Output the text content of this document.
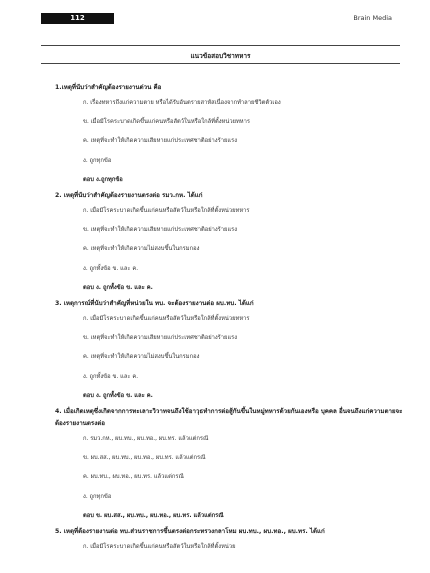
112	Brain Media
แนวข้อสอบวิชาทหาร

1.เหตุที่นับว่าสำคัญต้องรายงานด่วน คือ

ก. เรื่องทหารถึงแก่ความตาย หรือได้รับอันตรายสาหัสเนื่องจากทำลายชีวิตตัวเอง

ข. เมื่อมีโรคระบาดเกิดขึ้นแก่คนหรือสัตว์ในหรือใกล้ที่ตั้งหน่วยทหาร

ค. เหตุที่จะทำให้เกิดความเสียหายแก่ประเทศชาติอย่างร้ายแรง

ง. ถูกทุกข้อ

ตอบ ง.ถูกทุกข้อ

2. เหตุที่นับว่าสำคัญต้องรายงานตรงต่อ รมว.กห. ได้แก่

ก. เมื่อมีโรคระบาดเกิดขึ้นแก่คนหรือสัตว์ในหรือใกล้ที่ตั้งหน่วยทหาร

ข. เหตุที่จะทำให้เกิดความเสียหายแก่ประเทศชาติอย่างร้ายแรง

ค. เหตุที่จะทำให้เกิดความไม่สงบขึ้นในกรมกอง

ง. ถูกทั้งข้อ ข. และ ค.

ตอบ ง. ถูกทั้งข้อ ข. และ ค.

3. เหตุการณ์ที่นับว่าสำคัญที่หน่วยใน ทบ. จะต้องรายงานต่อ ผบ.ทบ. ได้แก่

ก. เมื่อมีโรคระบาดเกิดขึ้นแก่คนหรือสัตว์ในหรือใกล้ที่ตั้งหน่วยทหาร

ข. เหตุที่จะทำให้เกิดความเสียหายแก่ประเทศชาติอย่างร้ายแรง

ค. เหตุที่จะทำให้เกิดความไม่สงบขึ้นในกรมกอง

ง. ถูกทั้งข้อ ข. และ ค.

ตอบ ง. ถูกทั้งข้อ ข. และ ค.

4. เมื่อเกิดเหตุซึ่งเกิดจากการทะเลาะวิวาทจนถึงใช้อาวุธทำการต่อสู้กันขึ้นในหมู่ทหารด้วยกันเองหรือ บุคคล อื่นจนถึงแก่ความตายจะต้องรายงานตรงต่อ

ก. รมว.กห., ผบ.ทบ., ผบ.ทอ., ผบ.ทร. แล้วแต่กรณี

ข. ผบ.สส., ผบ.ทบ., ผบ.ทอ., ผบ.ทร. แล้วแต่กรณี

ค. ผบ.ทบ., ผบ.ทอ., ผบ.ทร. แล้วแต่กรณี

ง. ถูกทุกข้อ

ตอบ ข. ผบ.สส., ผบ.ทบ., ผบ.ทอ., ผบ.ทร. แล้วแต่กรณี

5. เหตุที่ต้องรายงานต่อ ทบ.ส่วนราชการขึ้นตรงต่อกระทรวงกลาโหม ผบ.ทบ., ผบ.ทอ., ผบ.ทร. ได้แก่

ก. เมื่อมีโรคระบาดเกิดขึ้นแก่คนหรือสัตว์ในหรือใกล้ที่ตั้งหน่วย
